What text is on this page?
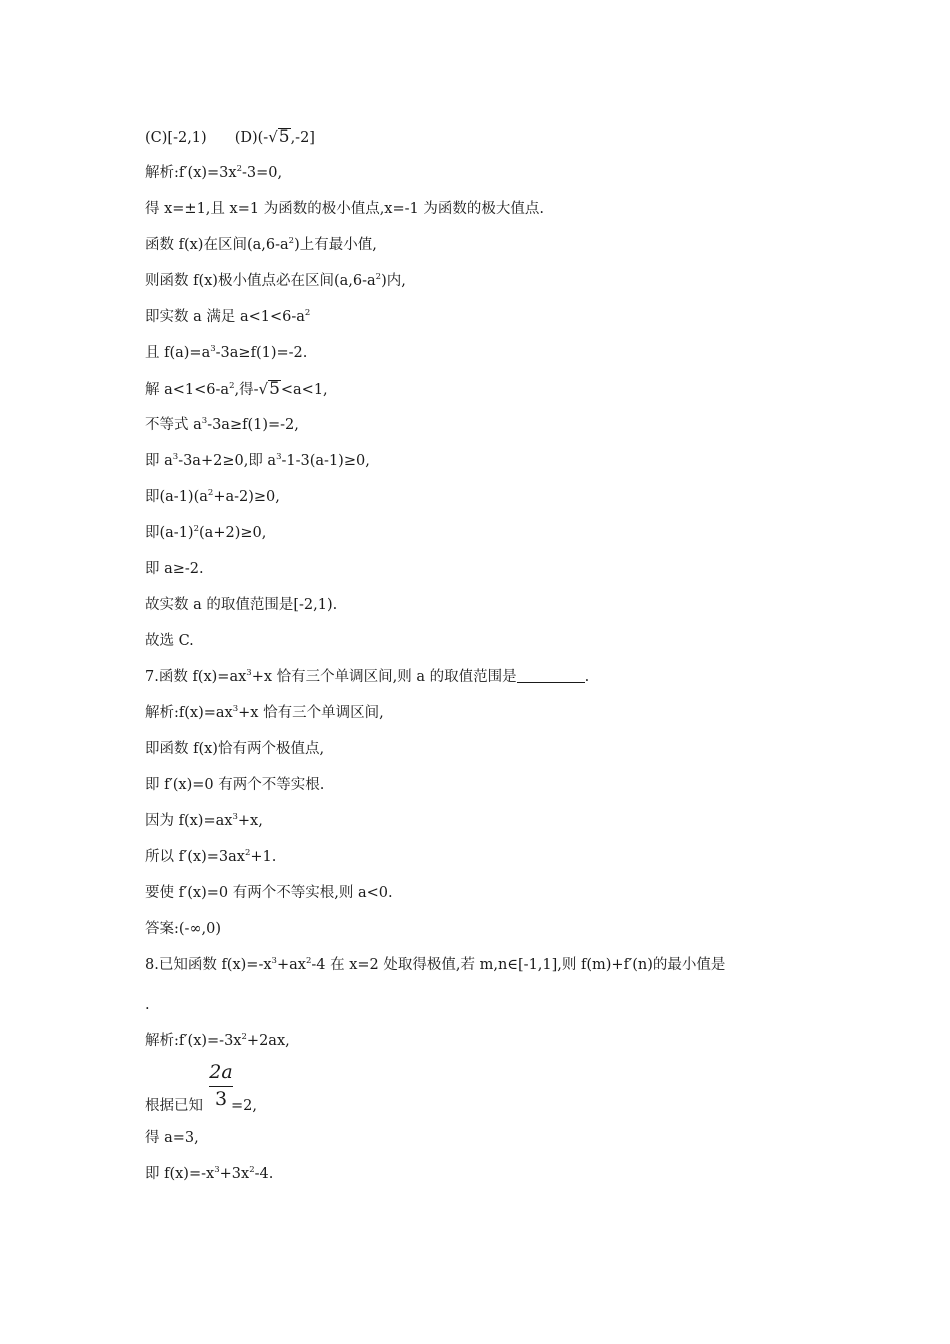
(C)[-2,1) (D)(-√5,-2]
解析$:f'(x)=3x^2-3=0$,
得 x=±1,且 x=1 为函数的极小值点,x=-1 为函数的极大值点.
函数 f(x)在区间$(a,6-a^2)$上有最小值,
则函数 f(x)极小值点必在区间$(a,6-a^2)$内,
即实数 a 满足 $a<1<6-a^2$
且 $f(a)=a^3-3a\ge f(1)=-2$.
解 $a<1<6-a^2$,得-√5<a<1,
不等式 $a^3-3a\ge f(1)=-2$,
即 $a^3-3a+2\ge 0$,即 $a^3-1-3(a-1)\ge 0$,
即$(a-1)(a^2+a-2)\ge 0$,
即$(a-1)^2(a+2)\ge 0$,
即 a≥-2.
故实数 a 的取值范围是[-2,1).
故选 C.
7.函数 $f(x)=ax^3+x$ 恰有三个单调区间,则 a 的取值范围是	.
解析$:f(x)=ax^3+x$ 恰有三个单调区间,
即函数 f(x)恰有两个极值点,
即 f′(x)=0 有两个不等实根.
因为 $f(x)=ax^3+x$,
所以 $f'(x)=3ax^2+1$.
要使 f′(x)=0 有两个不等实根,则 a<0.
答案:(-∞,0)
8.已知函数 $f(x)=-x^3+ax^2-4$ 在 x=2 处取得极值,若 m,n∈[-1,1],则 f(m)+f′(n)的最小值是
.
解析$:f'(x)=-3x^2+2ax$,
$\frac{2a}{3}$
根据已知 =2,
得 a=3,
即 $f(x)=-x^3+3x^2-4$.
